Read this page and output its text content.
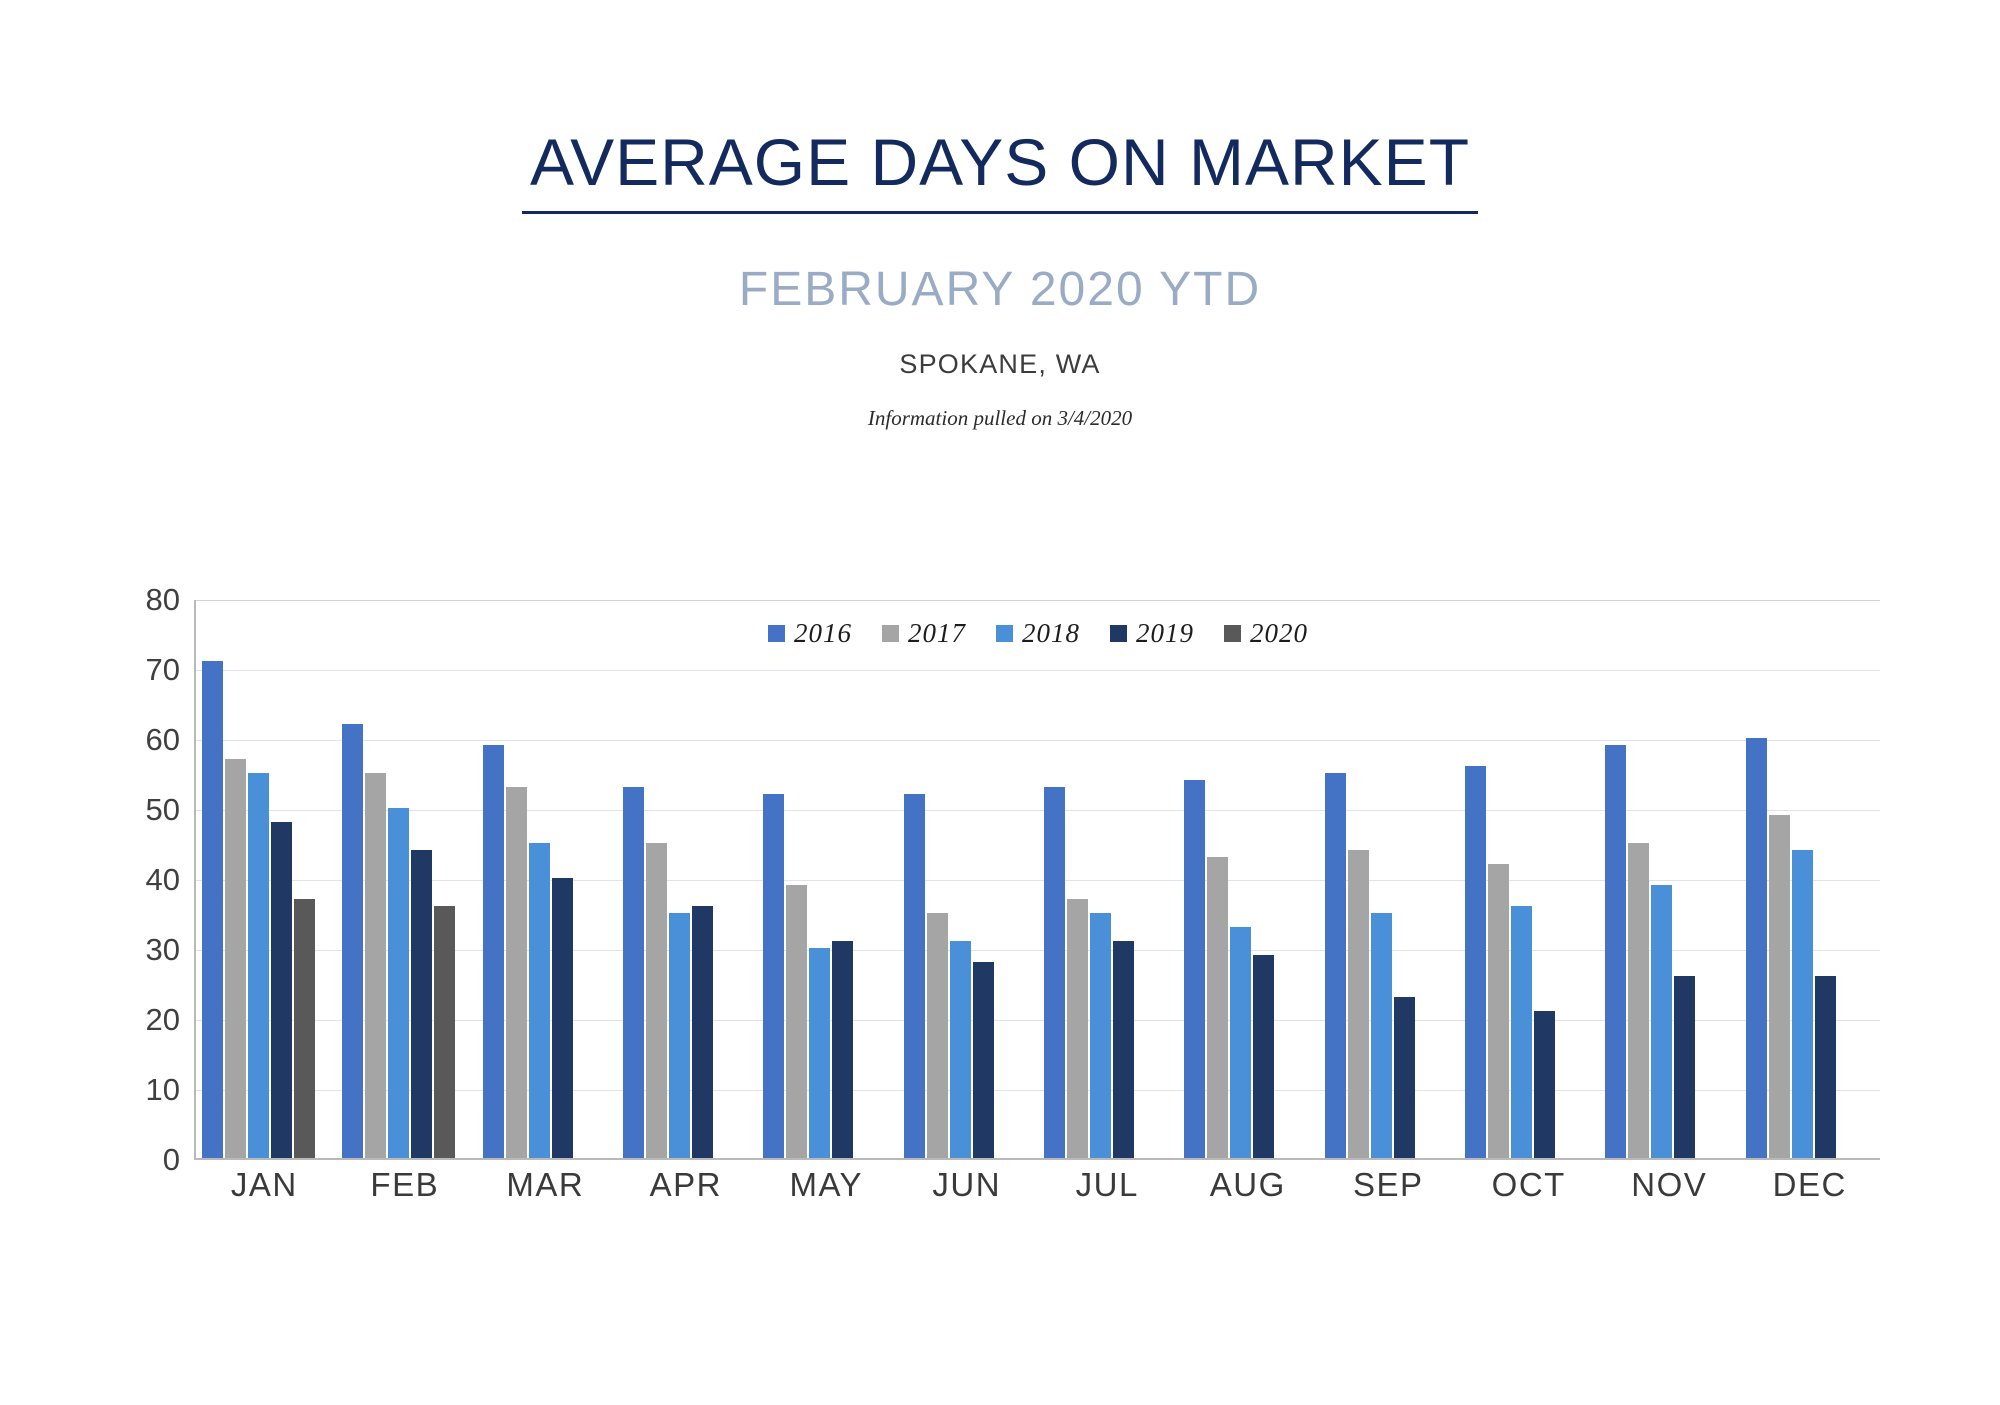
AVERAGE DAYS ON MARKET
FEBRUARY 2020 YTD
SPOKANE, WA
Information pulled on 3/4/2020
0
10
20
30
40
50
60
70
80
2016 2017 2018 2019 2020
JAN	FEB	MAR	APR	MAY	JUN	JUL	AUG	SEP	OCT	NOV	DEC
